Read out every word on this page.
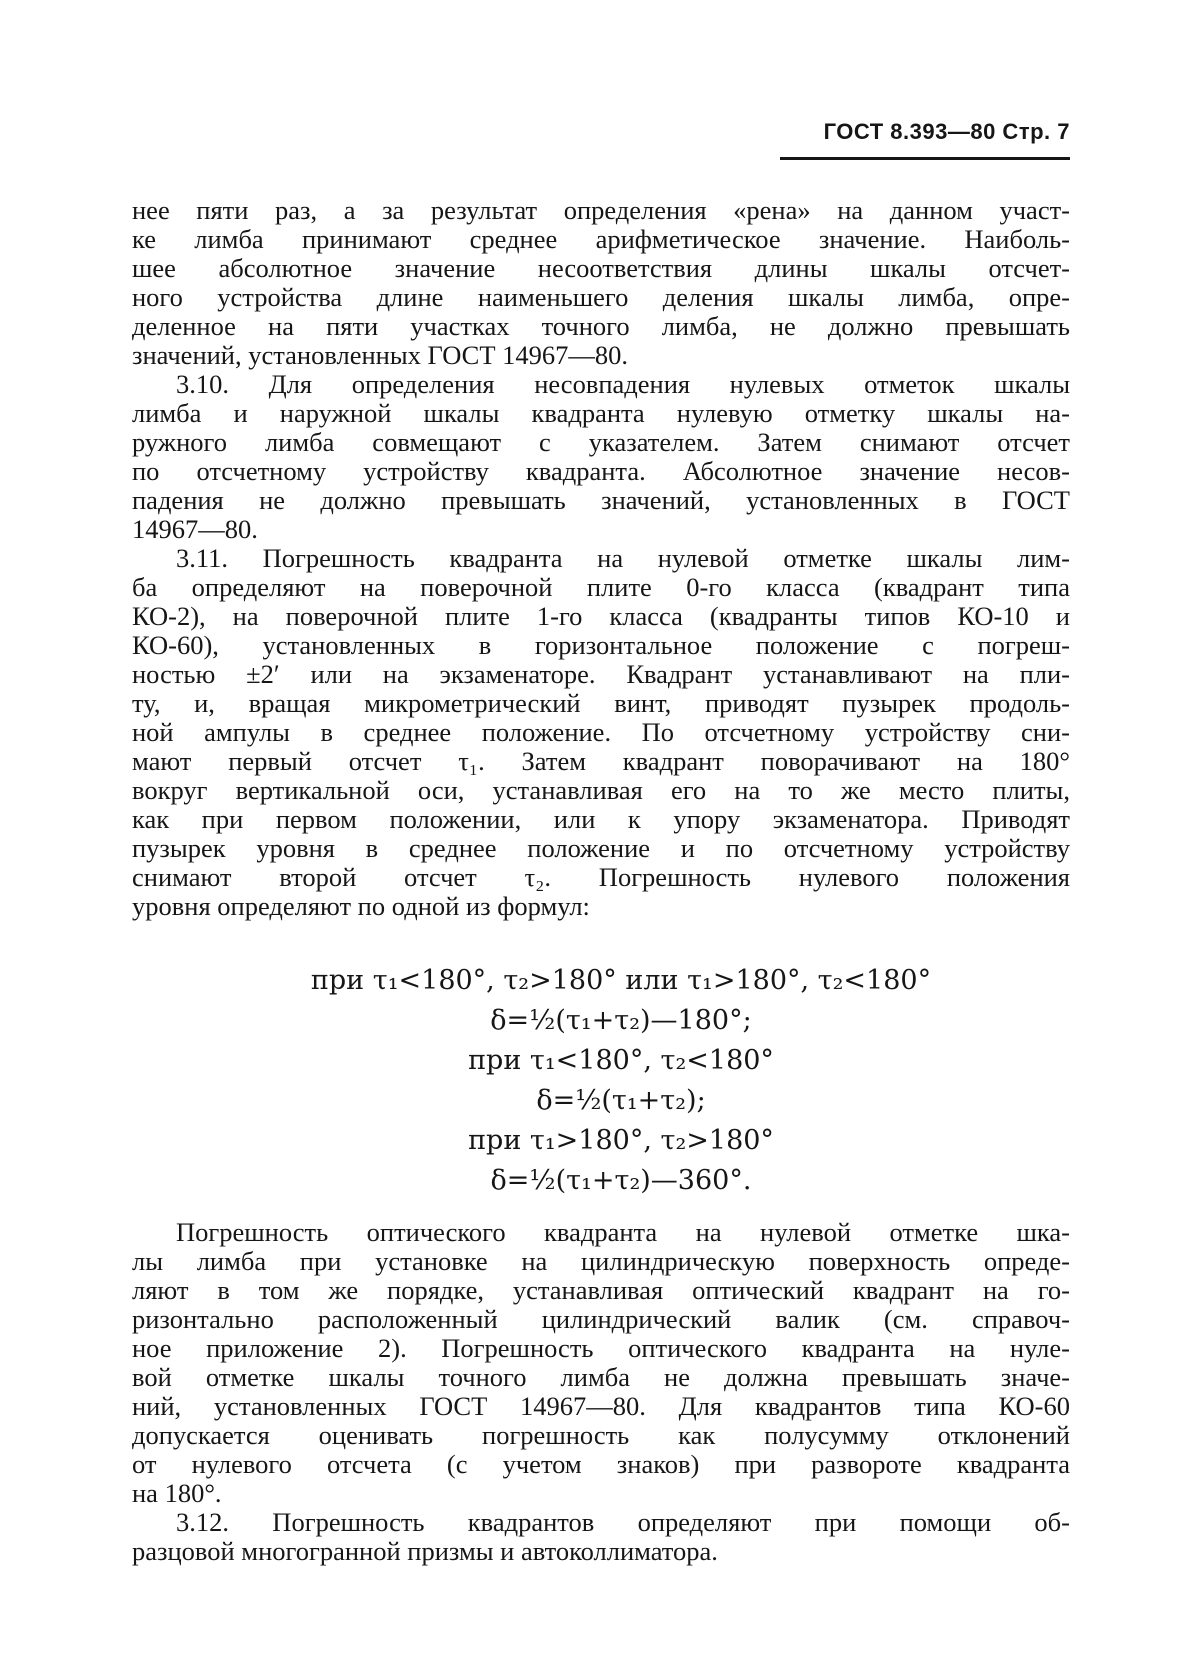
ГОСТ 8.393—80 Стр. 7
нее пяти раз, а за результат определения «рена» на данном участ-
ке лимба принимают среднее арифметическое значение. Наиболь-
шее абсолютное значение несоответствия длины шкалы отсчет-
ного устройства длине наименьшего деления шкалы лимба, опре-
деленное на пяти участках точного лимба, не должно превышать
значений, установленных ГОСТ 14967—80.
3.10. Для определения несовпадения нулевых отметок шкалы
лимба и наружной шкалы квадранта нулевую отметку шкалы на-
ружного лимба совмещают с указателем. Затем снимают отсчет
по отсчетному устройству квадранта. Абсолютное значение несов-
падения не должно превышать значений, установленных в ГОСТ
14967—80.
3.11. Погрешность квадранта на нулевой отметке шкалы лим-
ба определяют на поверочной плите 0-го класса (квадрант типа
КО-2), на поверочной плите 1-го класса (квадранты типов КО-10 и
КО-60), установленных в горизонтальное положение с погреш-
ностью ±2′ или на экзаменаторе. Квадрант устанавливают на пли-
ту, и, вращая микрометрический винт, приводят пузырек продоль-
ной ампулы в среднее положение. По отсчетному устройству сни-
мают первый отсчет τ₁. Затем квадрант поворачивают на 180°
вокруг вертикальной оси, устанавливая его на то же место плиты,
как при первом положении, или к упору экзаменатора. Приводят
пузырек уровня в среднее положение и по отсчетному устройству
снимают второй отсчет τ₂. Погрешность нулевого положения
уровня определяют по одной из формул:
при τ₁<180°, τ₂>180° или τ₁>180°, τ₂<180°
δ=½(τ₁+τ₂)—180°;
при τ₁<180°, τ₂<180°
δ=½(τ₁+τ₂);
при τ₁>180°, τ₂>180°
δ=½(τ₁+τ₂)—360°.
Погрешность оптического квадранта на нулевой отметке шка-
лы лимба при установке на цилиндрическую поверхность опреде-
ляют в том же порядке, устанавливая оптический квадрант на го-
ризонтально расположенный цилиндрический валик (см. справоч-
ное приложение 2). Погрешность оптического квадранта на нуле-
вой отметке шкалы точного лимба не должна превышать значе-
ний, установленных ГОСТ 14967—80. Для квадрантов типа КО-60
допускается оценивать погрешность как полусумму отклонений
от нулевого отсчета (с учетом знаков) при развороте квадранта
на 180°.
3.12. Погрешность квадрантов определяют при помощи об-
разцовой многогранной призмы и автоколлиматора.
